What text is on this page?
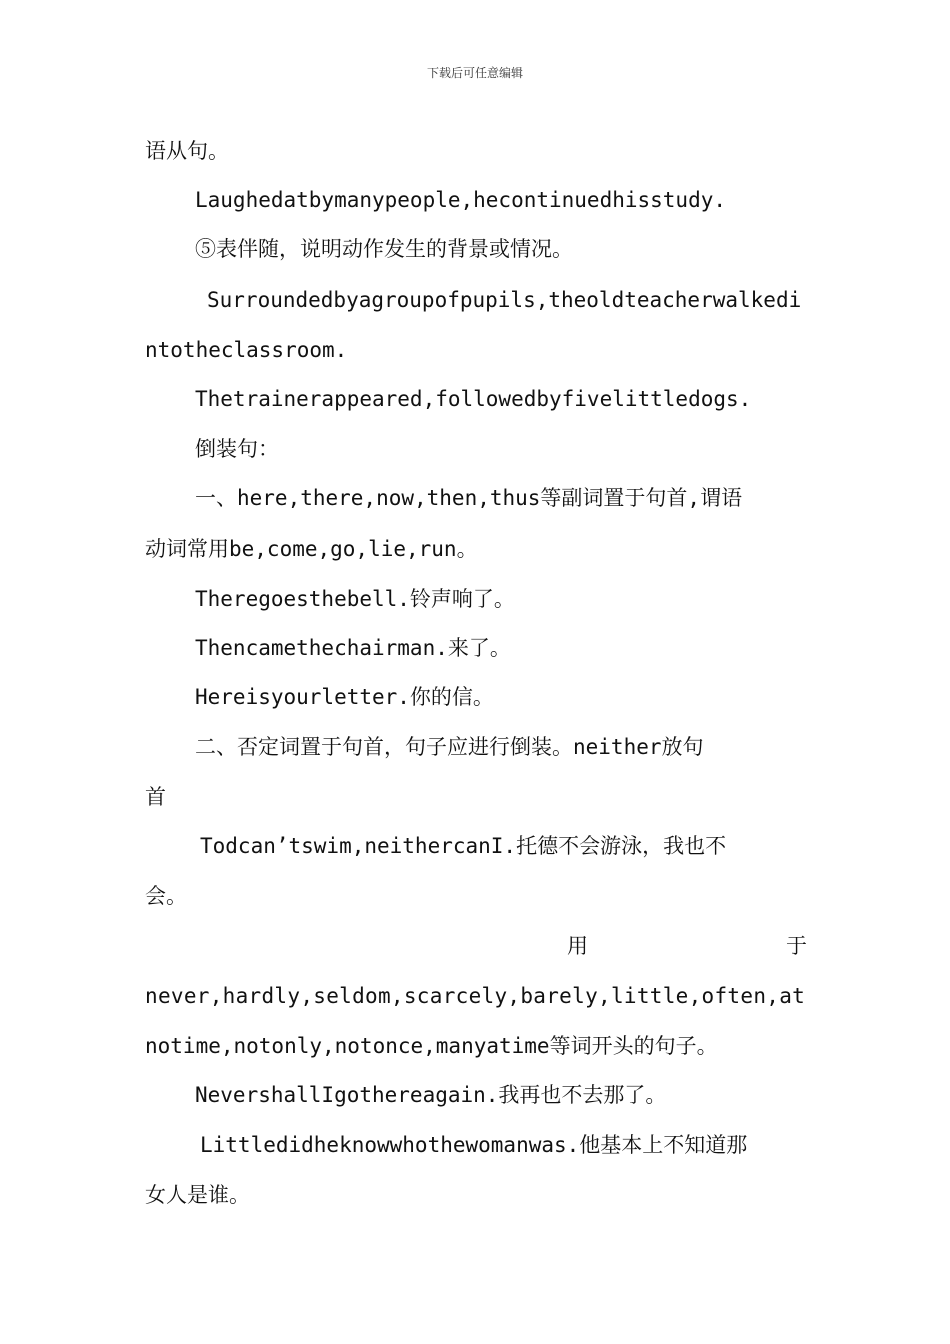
下载后可任意编辑
语从句。
Laughedatbymanypeople,hecontinuedhisstudy.
⑤表伴随，说明动作发生的背景或情况。
Surroundedbyagroupofpupils,theoldteacherwalkedi
ntotheclassroom.
Thetrainerappeared,followedbyfivelittledogs.
倒装句：
一、here,there,now,then,thus等副词置于句首,谓语
动词常用be,come,go,lie,run。
Theregoesthebell.铃声响了。
Thencamethechairman.来了。
Hereisyourletter.你的信。
二、否定词置于句首，句子应进行倒装。neither放句
首
Todcan’tswim,neithercanI.托德不会游泳，我也不
会。
用	于
never,hardly,seldom,scarcely,barely,little,often,at
notime,notonly,notonce,manyatime等词开头的句子。
NevershallIgothereagain.我再也不去那了。
Littledidheknowwhothewomanwas.他基本上不知道那
女人是谁。
